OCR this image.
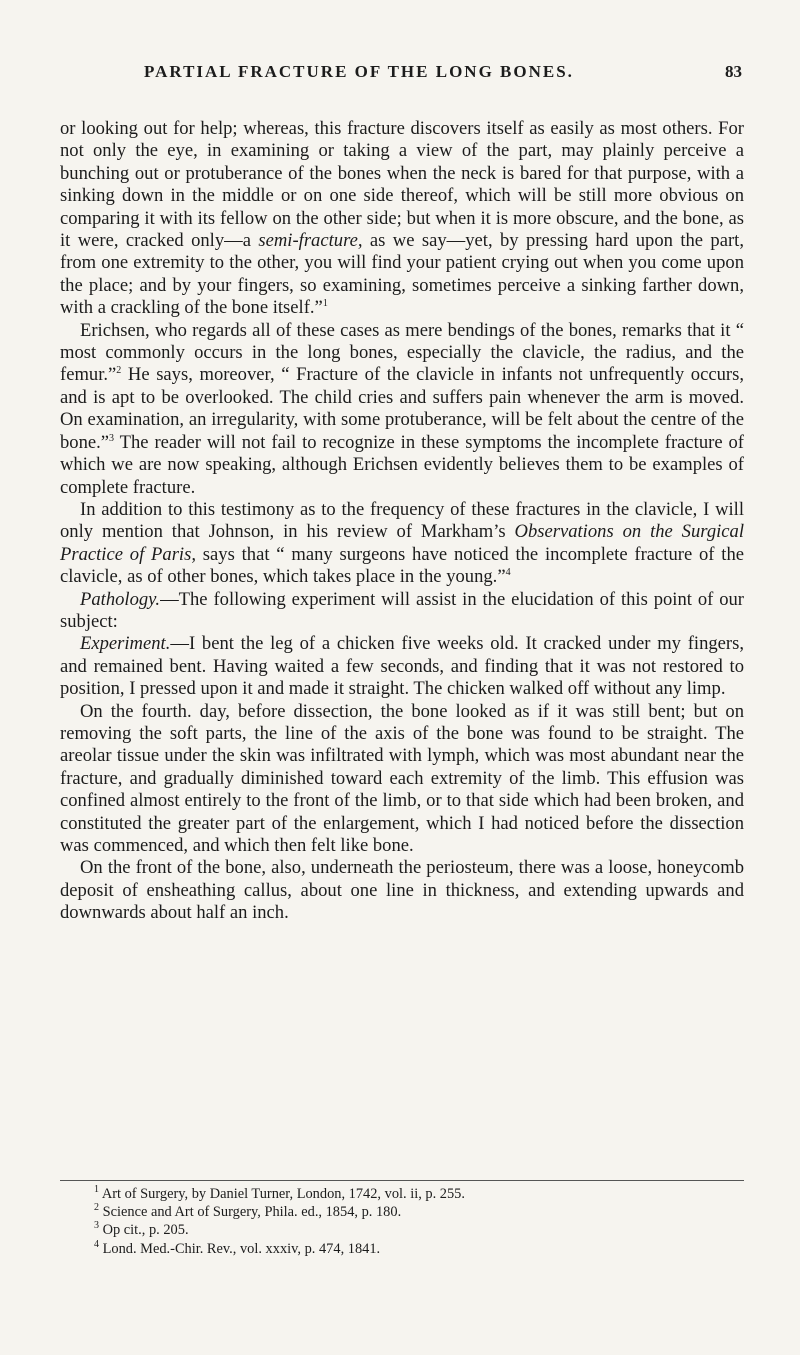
PARTIAL FRACTURE OF THE LONG BONES.	83

or looking out for help; whereas, this fracture discovers itself as easily as most others. For not only the eye, in examining or taking a view of the part, may plainly perceive a bunching out or protuberance of the bones when the neck is bared for that purpose, with a sinking down in the middle or on one side thereof, which will be still more obvious on comparing it with its fellow on the other side; but when it is more obscure, and the bone, as it were, cracked only—a semi-fracture, as we say—yet, by pressing hard upon the part, from one extremity to the other, you will find your patient crying out when you come upon the place; and by your fingers, so examining, sometimes perceive a sinking farther down, with a crackling of the bone itself.”$^1$

Erichsen, who regards all of these cases as mere bendings of the bones, remarks that it “ most commonly occurs in the long bones, especially the clavicle, the radius, and the femur.”$^2$ He says, moreover, “ Fracture of the clavicle in infants not unfrequently occurs, and is apt to be overlooked. The child cries and suffers pain whenever the arm is moved. On examination, an irregularity, with some protuberance, will be felt about the centre of the bone.”$^3$ The reader will not fail to recognize in these symptoms the incomplete fracture of which we are now speaking, although Erichsen evidently believes them to be examples of complete fracture.

In addition to this testimony as to the frequency of these fractures in the clavicle, I will only mention that Johnson, in his review of Markham’s Observations on the Surgical Practice of Paris, says that “ many surgeons have noticed the incomplete fracture of the clavicle, as of other bones, which takes place in the young.”$^4$

Pathology.—The following experiment will assist in the elucidation of this point of our subject:

Experiment.—I bent the leg of a chicken five weeks old. It cracked under my fingers, and remained bent. Having waited a few seconds, and finding that it was not restored to position, I pressed upon it and made it straight. The chicken walked off without any limp.

On the fourth. day, before dissection, the bone looked as if it was still bent; but on removing the soft parts, the line of the axis of the bone was found to be straight. The areolar tissue under the skin was infiltrated with lymph, which was most abundant near the fracture, and gradually diminished toward each extremity of the limb. This effusion was confined almost entirely to the front of the limb, or to that side which had been broken, and constituted the greater part of the enlargement, which I had noticed before the dissection was commenced, and which then felt like bone.

On the front of the bone, also, underneath the periosteum, there was a loose, honeycomb deposit of ensheathing callus, about one line in thickness, and extending upwards and downwards about half an inch.

$^1$ Art of Surgery, by Daniel Turner, London, 1742, vol. ii, p. 255.
$^2$ Science and Art of Surgery, Phila. ed., 1854, p. 180.
$^3$ Op cit., p. 205.
$^4$ Lond. Med.-Chir. Rev., vol. xxxiv, p. 474, 1841.
